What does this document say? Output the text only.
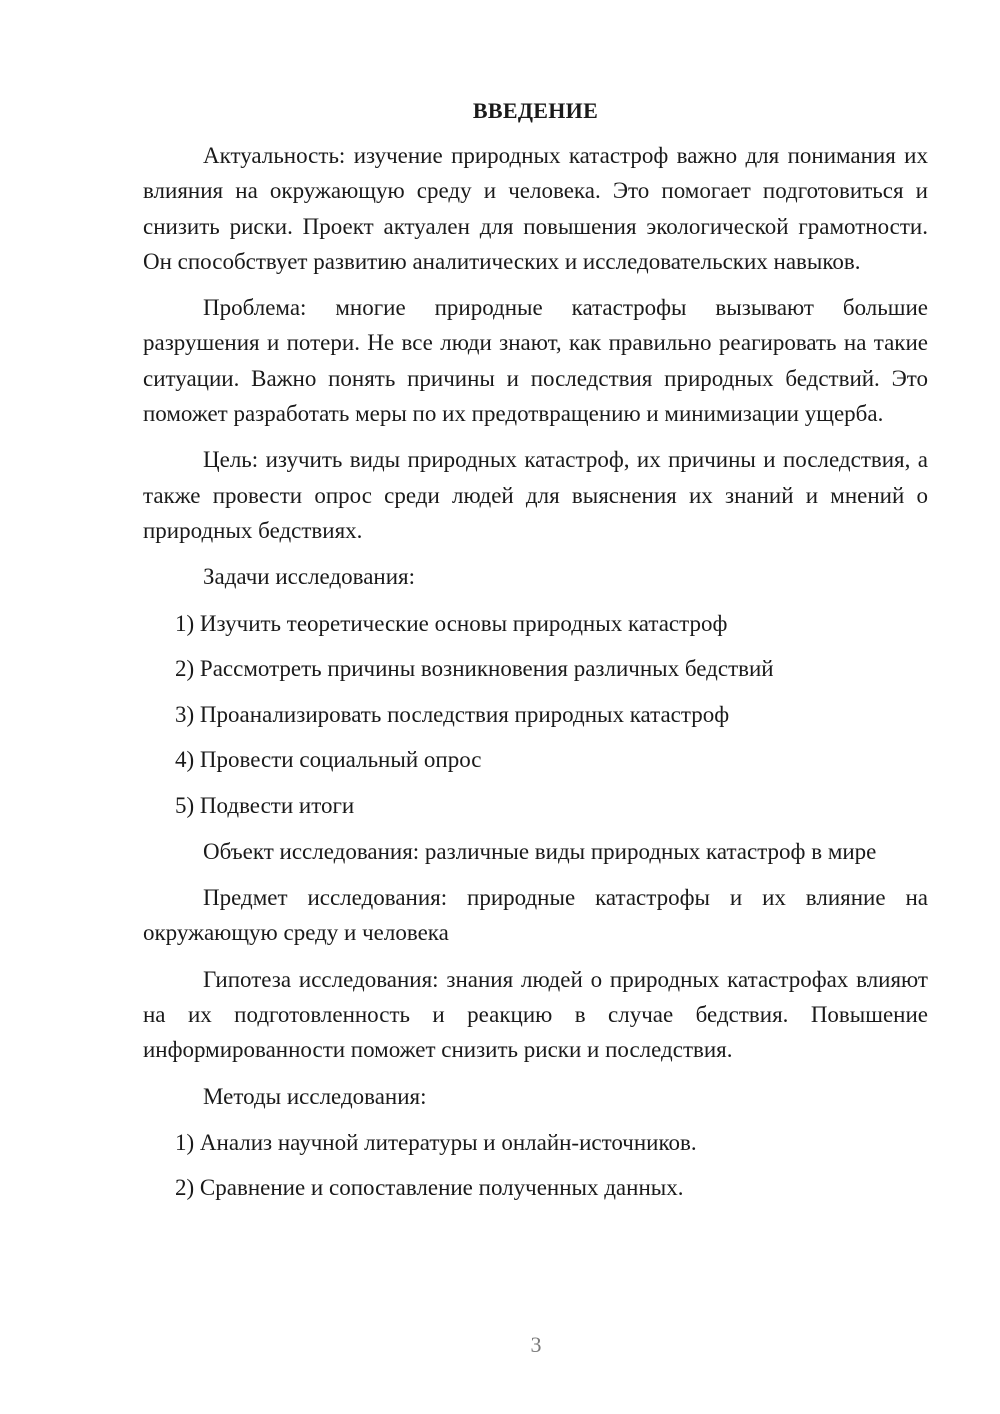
ВВЕДЕНИЕ

Актуальность: изучение природных катастроф важно для понимания их влияния на окружающую среду и человека. Это помогает подготовиться и снизить риски. Проект актуален для повышения экологической грамотности. Он способствует развитию аналитических и исследовательских навыков.

Проблема: многие природные катастрофы вызывают большие разрушения и потери. Не все люди знают, как правильно реагировать на такие ситуации. Важно понять причины и последствия природных бедствий. Это поможет разработать меры по их предотвращению и минимизации ущерба.

Цель: изучить виды природных катастроф, их причины и последствия, а также провести опрос среди людей для выяснения их знаний и мнений о природных бедствиях.

Задачи исследования:

1) Изучить теоретические основы природных катастроф
2) Рассмотреть причины возникновения различных бедствий
3) Проанализировать последствия природных катастроф
4) Провести социальный опрос
5) Подвести итоги

Объект исследования: различные виды природных катастроф в мире

Предмет исследования: природные катастрофы и их влияние на окружающую среду и человека

Гипотеза исследования: знания людей о природных катастрофах влияют на их подготовленность и реакцию в случае бедствия. Повышение информированности поможет снизить риски и последствия.

Методы исследования:

1) Анализ научной литературы и онлайн-источников.
2) Сравнение и сопоставление полученных данных.
3
